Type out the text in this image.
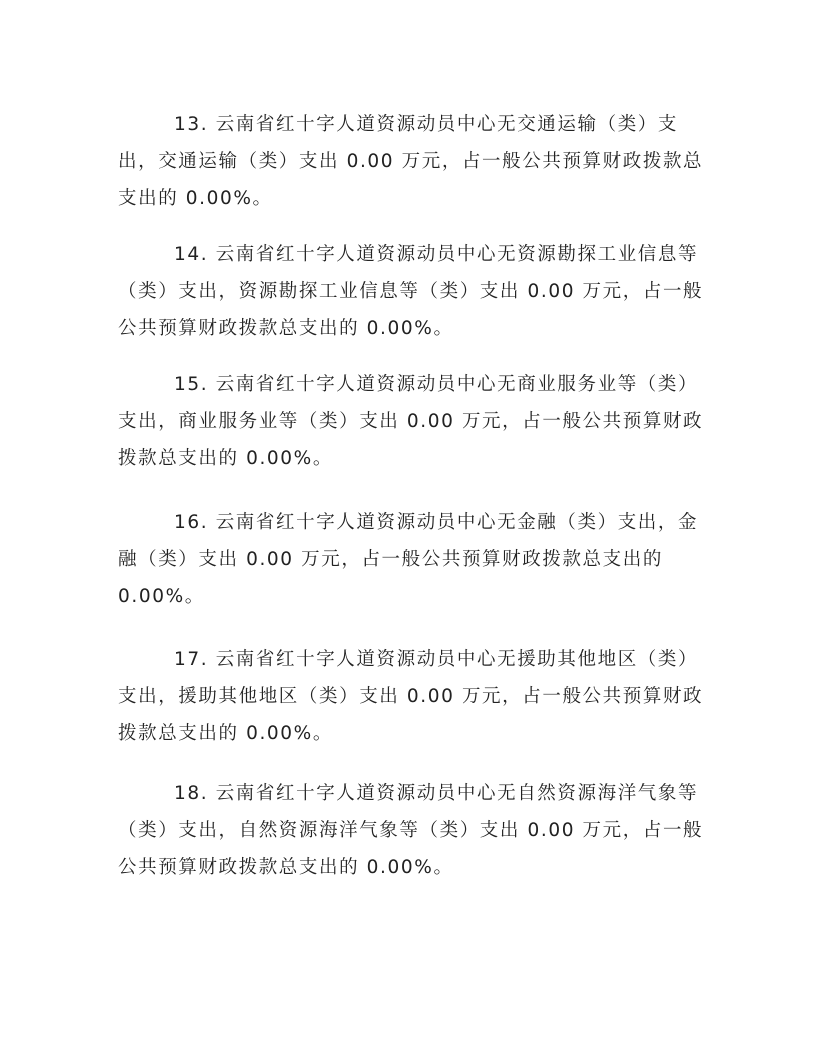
13. 云南省红十字人道资源动员中心无交通运输（类）支
出，交通运输（类）支出 0.00 万元，占一般公共预算财政拨款总
支出的 0.00%。

14. 云南省红十字人道资源动员中心无资源勘探工业信息等
（类）支出，资源勘探工业信息等（类）支出 0.00 万元，占一般
公共预算财政拨款总支出的 0.00%。

15. 云南省红十字人道资源动员中心无商业服务业等（类）
支出，商业服务业等（类）支出 0.00 万元，占一般公共预算财政
拨款总支出的 0.00%。

16. 云南省红十字人道资源动员中心无金融（类）支出，金
融（类）支出 0.00 万元，占一般公共预算财政拨款总支出的
0.00%。

17. 云南省红十字人道资源动员中心无援助其他地区（类）
支出，援助其他地区（类）支出 0.00 万元，占一般公共预算财政
拨款总支出的 0.00%。

18. 云南省红十字人道资源动员中心无自然资源海洋气象等
（类）支出，自然资源海洋气象等（类）支出 0.00 万元，占一般
公共预算财政拨款总支出的 0.00%。
